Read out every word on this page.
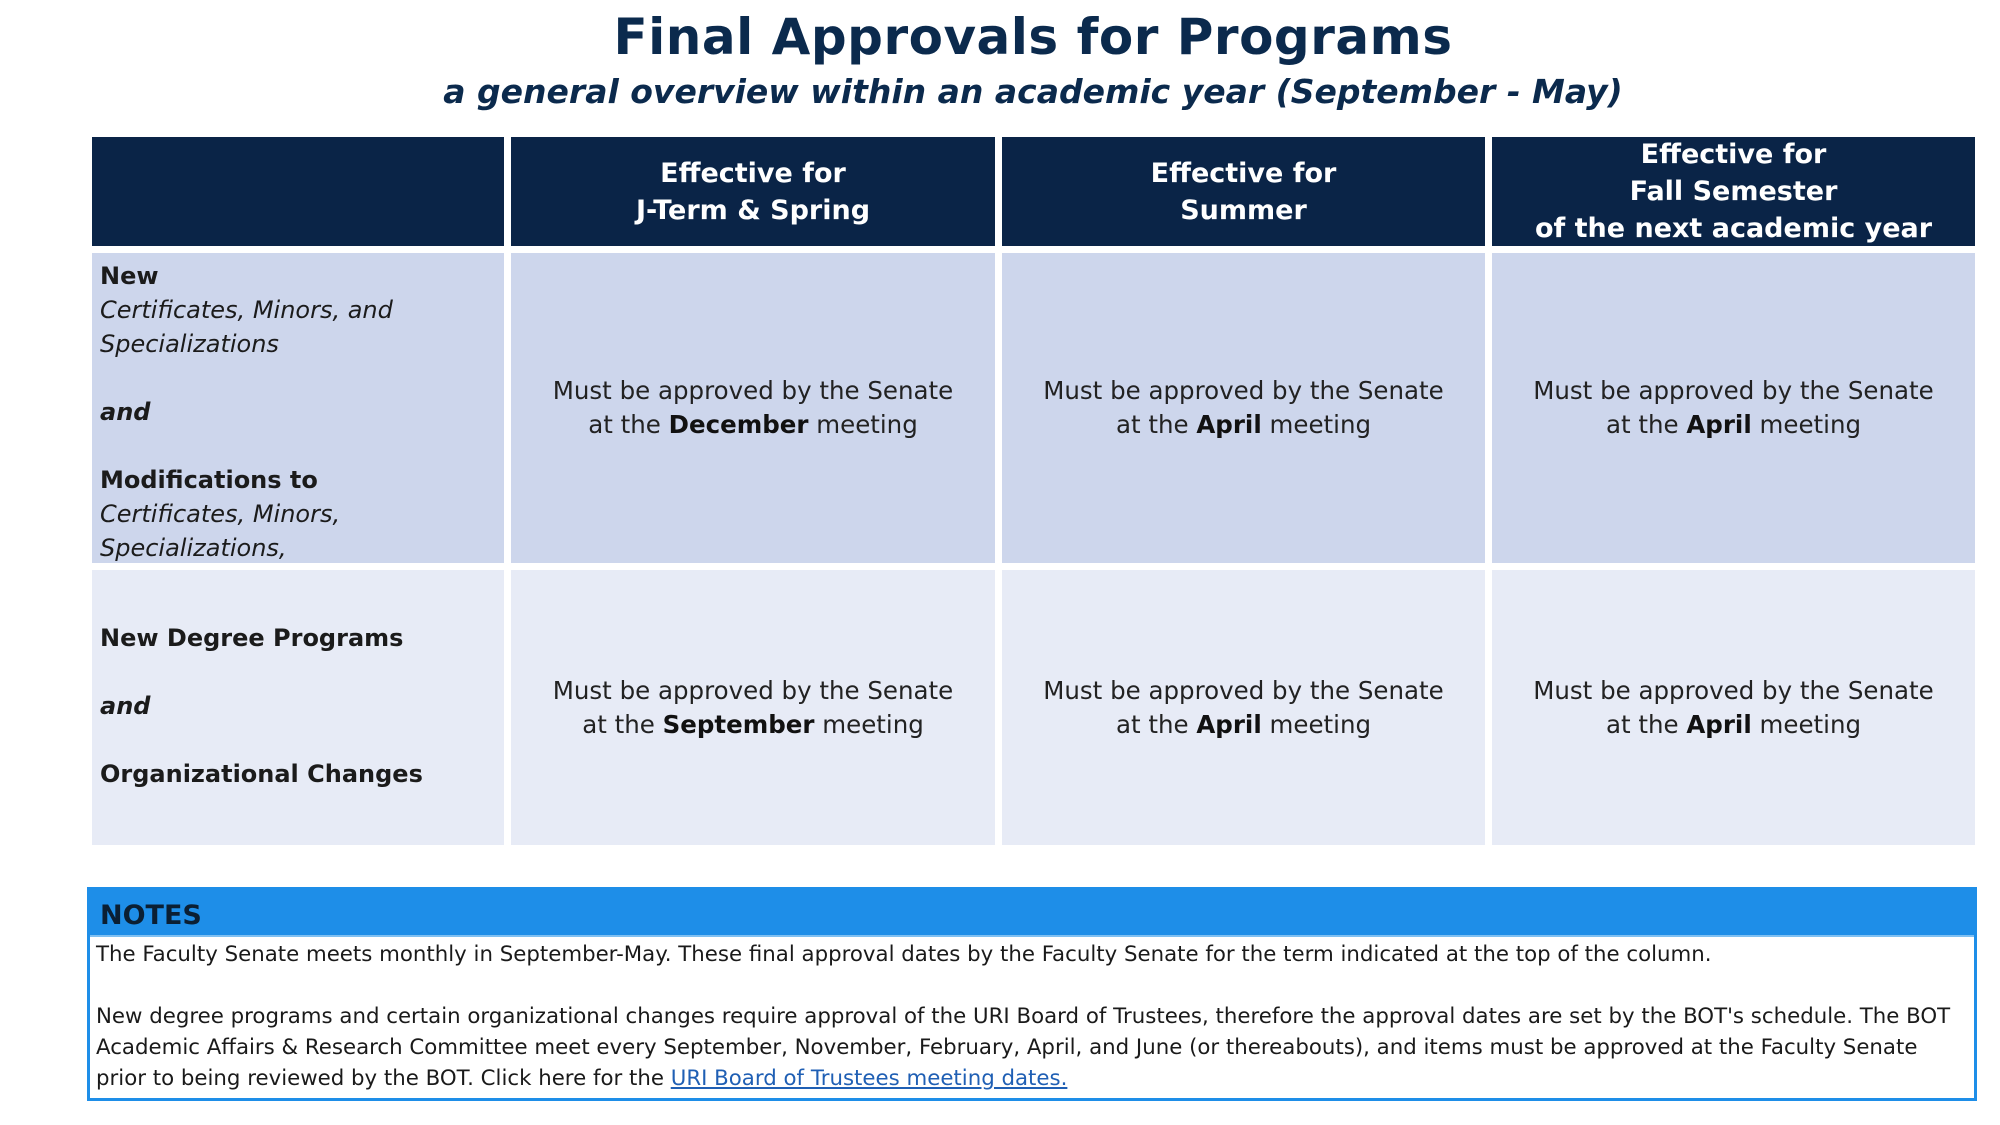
Final Approvals for Programs
a general overview within an academic year (September - May)
Effective for
J-Term & Spring
Effective for
Summer
Effective for
Fall Semester
of the next academic year
New
Certificates, Minors, and
Specializations
and
Modifications to
Certificates, Minors, Specializations,
Must be approved by the Senate
at the December meeting
Must be approved by the Senate
at the April meeting
Must be approved by the Senate
at the April meeting
New Degree Programs
and
Organizational Changes
Must be approved by the Senate
at the September meeting
Must be approved by the Senate
at the April meeting
Must be approved by the Senate
at the April meeting
NOTES

The Faculty Senate meets monthly in September-May. These final approval dates by the Faculty Senate for the term indicated at the top of the column.

New degree programs and certain organizational changes require approval of the URI Board of Trustees, therefore the approval dates are set by the BOT's schedule. The BOT Academic Affairs & Research Committee meet every September, November, February, April, and June (or thereabouts), and items must be approved at the Faculty Senate prior to being reviewed by the BOT. Click here for the URI Board of Trustees meeting dates.
